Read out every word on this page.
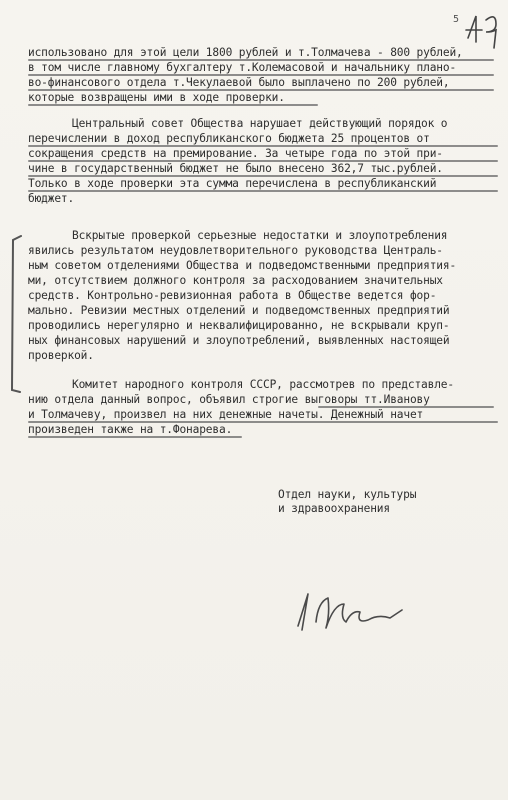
5
использовано для этой цели 1800 рублей и т.Толмачева - 800 рублей,
в том числе главному бухгалтеру т.Колемасовой и начальнику плано-
во-финансового отдела т.Чекулаевой было выплачено по 200 рублей,
которые возвращены ими в ходе проверки.
Центральный совет Общества нарушает действующий порядок о
перечислении в доход республиканского бюджета 25 процентов от
сокращения средств на премирование. За четыре года по этой при-
чине в государственный бюджет не было внесено 362,7 тыс.рублей.
Только в ходе проверки эта сумма перечислена в республиканский
бюджет.
Вскрытые проверкой серьезные недостатки и злоупотребления
явились результатом неудовлетворительного руководства Централь-
ным советом отделениями Общества и подведомственными предприятия-
ми, отсутствием должного контроля за расходованием значительных
средств. Контрольно-ревизионная работа в Обществе ведется фор-
мально. Ревизии местных отделений и подведомственных предприятий
проводились нерегулярно и неквалифицированно, не вскрывали круп-
ных финансовых нарушений и злоупотреблений, выявленных настоящей
проверкой.
Комитет народного контроля СССР, рассмотрев по представле-
нию отдела данный вопрос, объявил строгие выговоры тт.Иванову
и Толмачеву, произвел на них денежные начеты. Денежный начет
произведен также на т.Фонарева.
Отдел науки, культуры
и здравоохранения
